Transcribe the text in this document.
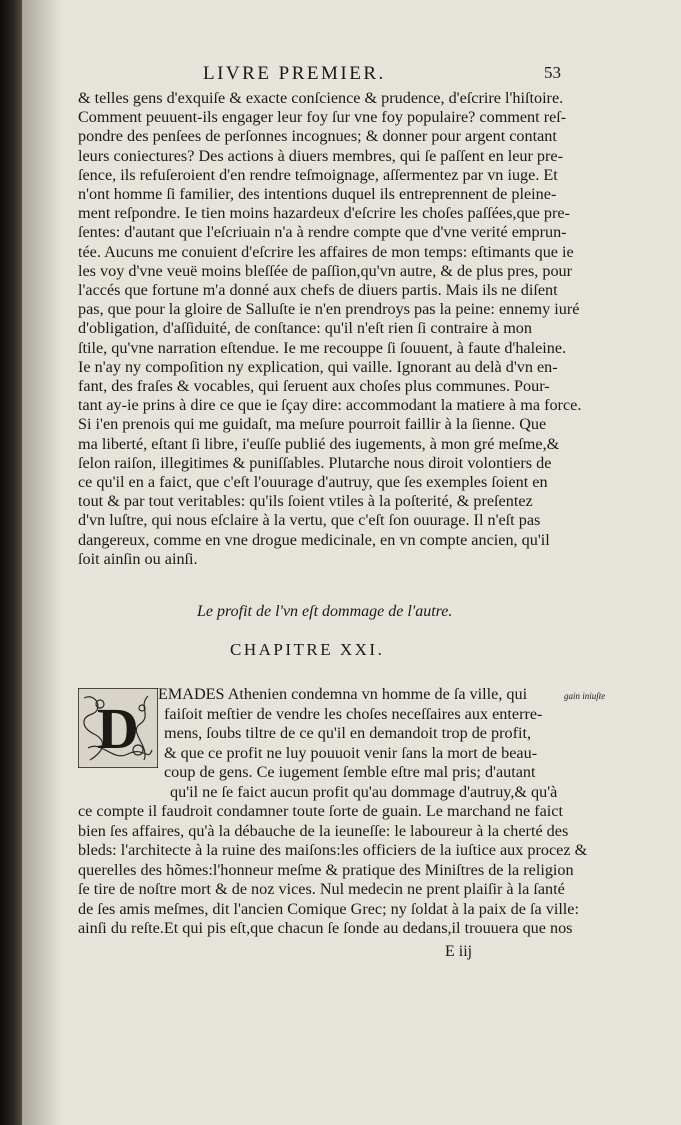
LIVRE PREMIER.	53
& telles gens d'exquiſe & exacte conſcience & prudence, d'eſcrire l'hiſtoire.
Comment peuuent-ils engager leur foy ſur vne foy populaire? comment reſ-
pondre des penſees de perſonnes incognues; & donner pour argent contant
leurs coniectures? Des actions à diuers membres, qui ſe paſſent en leur pre-
ſence, ils refuſeroient d'en rendre teſmoignage, aſſermentez par vn iuge. Et
n'ont homme ſi familier, des intentions duquel ils entreprennent de pleine-
ment reſpondre. Ie tien moins hazardeux d'eſcrire les choſes paſſées,que pre-
ſentes: d'autant que l'eſcriuain n'a à rendre compte que d'vne verité emprun-
tée. Aucuns me conuient d'eſcrire les affaires de mon temps: eſtimants que ie
les voy d'vne veuë moins bleſſée de paſſion,qu'vn autre, & de plus pres, pour
l'accés que fortune m'a donné aux chefs de diuers partis. Mais ils ne diſent
pas, que pour la gloire de Salluſte ie n'en prendroys pas la peine: ennemy iuré
d'obligation, d'aſſiduité, de conſtance: qu'il n'eſt rien ſi contraire à mon
ſtile, qu'vne narration eſtendue. Ie me recouppe ſi ſouuent, à faute d'haleine.
Ie n'ay ny compoſition ny explication, qui vaille. Ignorant au delà d'vn en-
fant, des fraſes & vocables, qui ſeruent aux choſes plus communes. Pour-
tant ay-ie prins à dire ce que ie ſçay dire: accommodant la matiere à ma force.
Si i'en prenois qui me guidaſt, ma meſure pourroit faillir à la ſienne. Que
ma liberté, eſtant ſi libre, i'euſſe publié des iugements, à mon gré meſme,&
ſelon raiſon, illegitimes & puniſſables. Plutarche nous diroit volontiers de
ce qu'il en a faict, que c'eſt l'ouurage d'autruy, que ſes exemples ſoient en
tout & par tout veritables: qu'ils ſoient vtiles à la poſterité, & preſentez
d'vn luſtre, qui nous eſclaire à la vertu, que c'eſt ſon ouurage. Il n'eſt pas
dangereux, comme en vne drogue medicinale, en vn compte ancien, qu'il
ſoit ainſin ou ainſi.
Le profit de l'vn eſt dommage de l'autre.
CHAPITRE XXI.
gain iniuſte
D
EMADES Athenien condemna vn homme de ſa ville, qui
faiſoit meſtier de vendre les choſes neceſſaires aux enterre-
mens, ſoubs tiltre de ce qu'il en demandoit trop de profit,
& que ce profit ne luy pouuoit venir ſans la mort de beau-
coup de gens. Ce iugement ſemble eſtre mal pris; d'autant
qu'il ne ſe faict aucun profit qu'au dommage d'autruy,& qu'à
ce compte il faudroit condamner toute ſorte de guain. Le marchand ne faict
bien ſes affaires, qu'à la débauche de la ieuneſſe: le laboureur à la cherté des
bleds: l'architecte à la ruine des maiſons:les officiers de la iuſtice aux procez &
querelles des hõmes:l'honneur meſme & pratique des Miniſtres de la religion
ſe tire de noſtre mort & de noz vices. Nul medecin ne prent plaiſir à la ſanté
de ſes amis meſmes, dit l'ancien Comique Grec; ny ſoldat à la paix de ſa ville:
ainſi du reſte.Et qui pis eſt,que chacun ſe ſonde au dedans,il trouuera que nos
E iij
